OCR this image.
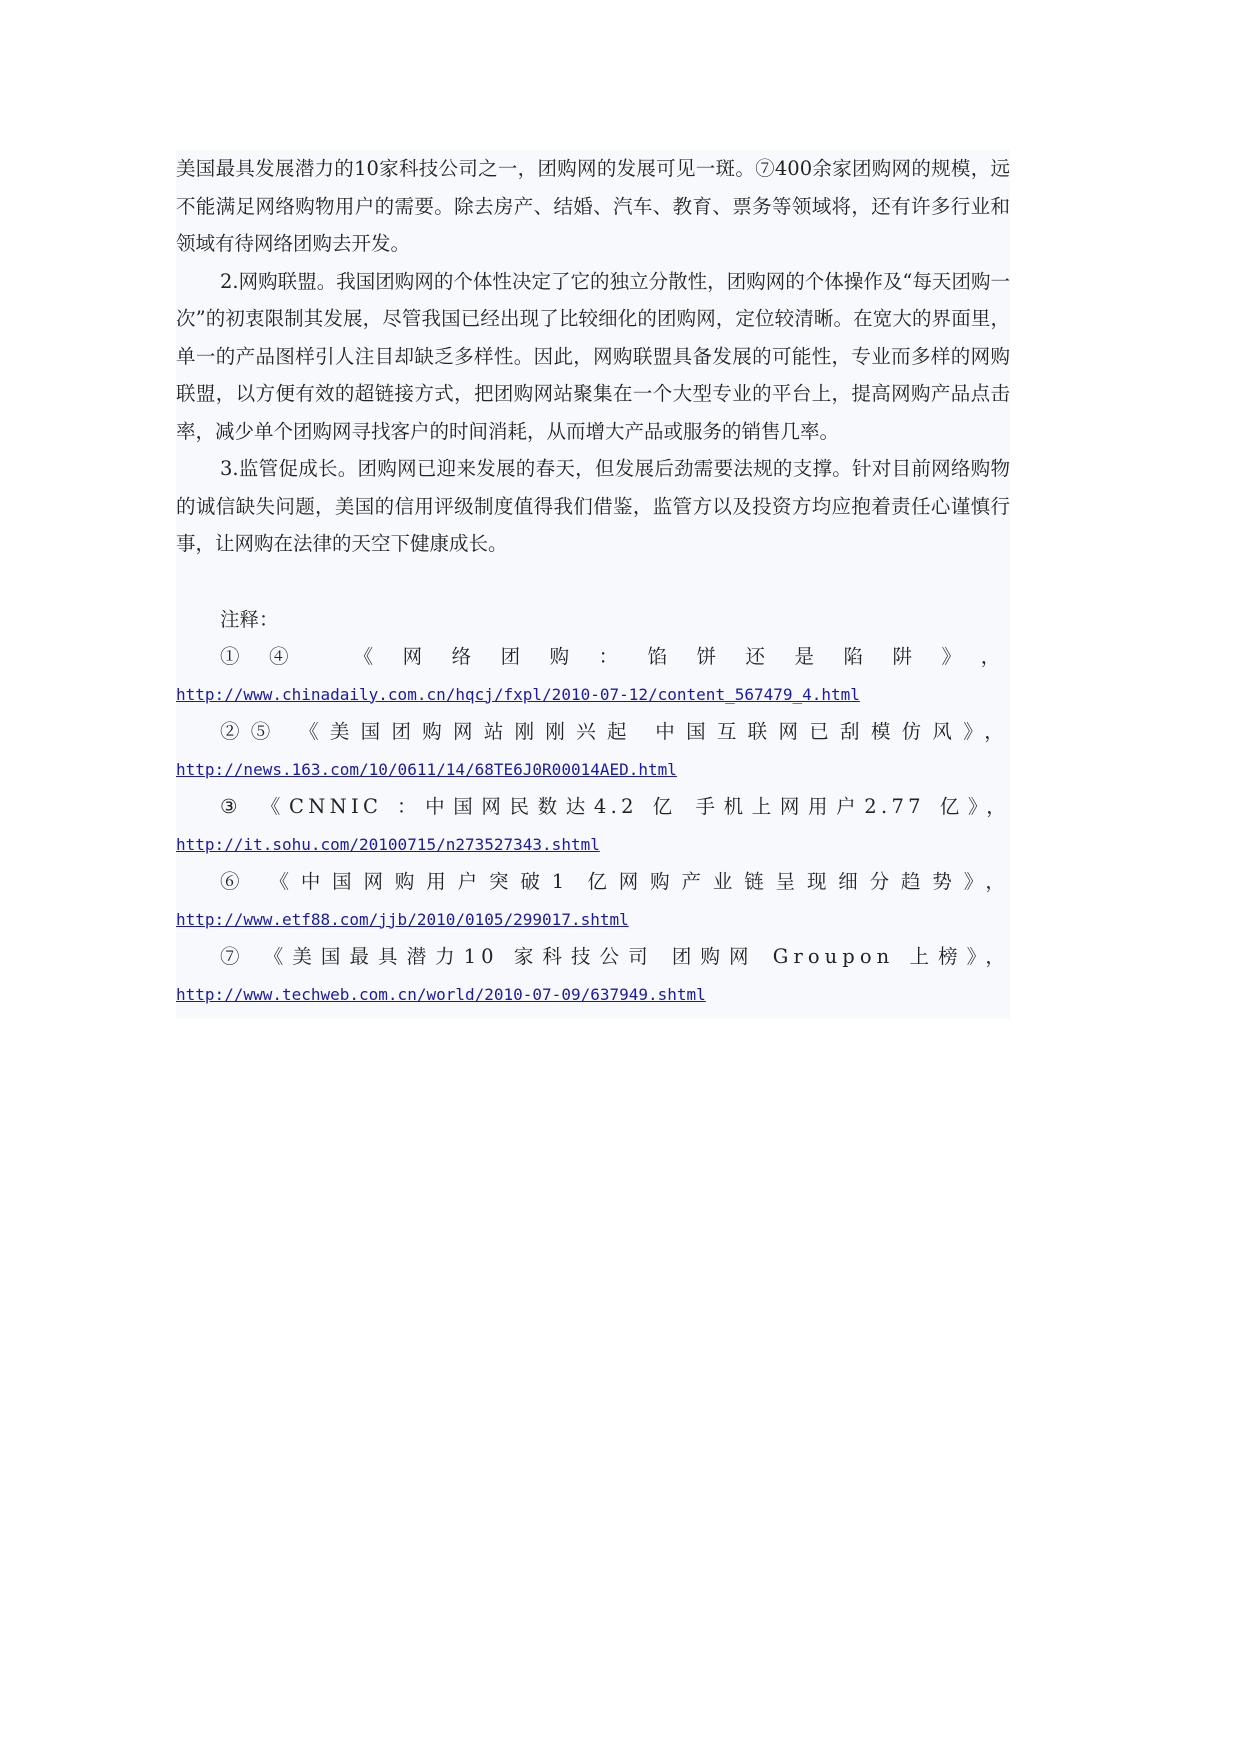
美国最具发展潜力的10家科技公司之一，团购网的发展可见一斑。⑦400余家团购网的规模，远不能满足网络购物用户的需要。除去房产、结婚、汽车、教育、票务等领域将，还有许多行业和领域有待网络团购去开发。

2.网购联盟。我国团购网的个体性决定了它的独立分散性，团购网的个体操作及“每天团购一次”的初衷限制其发展，尽管我国已经出现了比较细化的团购网，定位较清晰。在宽大的界面里，单一的产品图样引人注目却缺乏多样性。因此，网购联盟具备发展的可能性，专业而多样的网购联盟，以方便有效的超链接方式，把团购网站聚集在一个大型专业的平台上，提高网购产品点击率，减少单个团购网寻找客户的时间消耗，从而增大产品或服务的销售几率。

3.监管促成长。团购网已迎来发展的春天，但发展后劲需要法规的支撑。针对目前网络购物的诚信缺失问题，美国的信用评级制度值得我们借鉴，监管方以及投资方均应抱着责任心谨慎行事，让网购在法律的天空下健康成长。

注释：

①④ 《网络团购：馅饼还是陷阱》，
http://www.chinadaily.com.cn/hqcj/fxpl/2010-07-12/content_567479_4.html
②⑤ 《美国团购网站刚刚兴起 中国互联网已刮模仿风》，
http://news.163.com/10/0611/14/68TE6J0R00014AED.html
③ 《CNNIC ：中国网民数达4.2 亿 手机上网用户2.77 亿》，
http://it.sohu.com/20100715/n273527343.shtml
⑥ 《中国网购用户突破1 亿网购产业链呈现细分趋势》，
http://www.etf88.com/jjb/2010/0105/299017.shtml
⑦ 《美国最具潜力10 家科技公司 团购网 Groupon 上榜》，
http://www.techweb.com.cn/world/2010-07-09/637949.shtml
